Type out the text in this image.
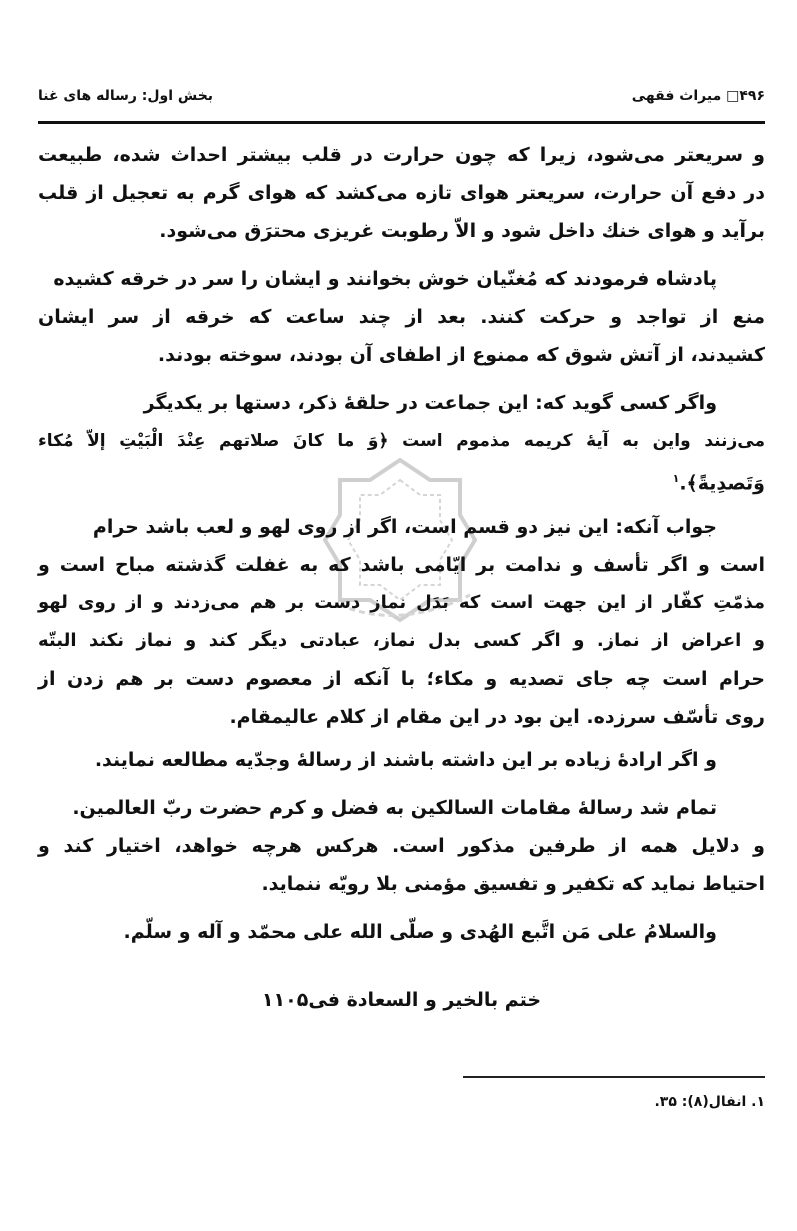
۴۹۶□ میراث فقهی
بخش اول: رساله های غنا
و سریعتر می‌شود، زیرا که چون حرارت در قلب بیشتر احداث شده، طبیعت
در دفع آن حرارت، سریعتر هوای تازه می‌کشد که هوای گرم به تعجیل از قلب
برآید و هوای خنك داخل شود و الاّ رطوبت غریزی محترَق می‌شود.
پادشاه فرمودند که مُغنّیان خوش بخوانند و ایشان را سر در خرقه کشیده
منع از تواجد و حرکت کنند. بعد از چند ساعت که خرقه از سر ایشان
کشیدند، از آتش شوق که ممنوع از اطفای آن بودند، سوخته بودند.
واگر کسی گوید که: این جماعت در حلقهٔ ذکر، دستها بر یکدیگر
می‌زنند واین به آیهٔ کریمه مذموم است ﴿وَ ما کانَ صلاتهم عِنْدَ الْبَیْتِ إلاّ مُکاء
وَتَصدِیةً﴾.$^۱$
جواب آنکه: این نیز دو قسم است، اگر از روی لهو و لعب باشد حرام
است و اگر تأسف و ندامت بر ایّامی باشد که به غفلت گذشته مباح است و
مذمّتِ کفّار از این جهت است که بَدَل نماز دست بر هم می‌زدند و از روی لهو
و اعراض از نماز. و اگر کسی بدل نماز، عبادتی دیگر کند و نماز نکند البتّه
حرام است چه جای تصدیه و مکاء؛ با آنکه از معصوم دست بر هم زدن از
روی تأسّف سرزده. این بود در این مقام از کلام عالیمقام.
و اگر ارادهٔ زیاده بر این داشته باشند از رسالهٔ وجدّیه مطالعه نمایند.
تمام شد رسالهٔ مقامات السالکین به فضل و کرم حضرت ربّ العالمین.
و دلایل همه از طرفین مذکور است. هرکس هرچه خواهد، اختیار کند و
احتیاط نماید که تکفیر و تفسیق مؤمنی بلا رویّه ننماید.
والسلامُ علی مَن اتَّبع الهُدی و صلّی الله علی محمّد و آله و سلّم.
ختم بالخیر و السعادة فی۱۱۰۵
۱. انفال(۸): ۳۵.
